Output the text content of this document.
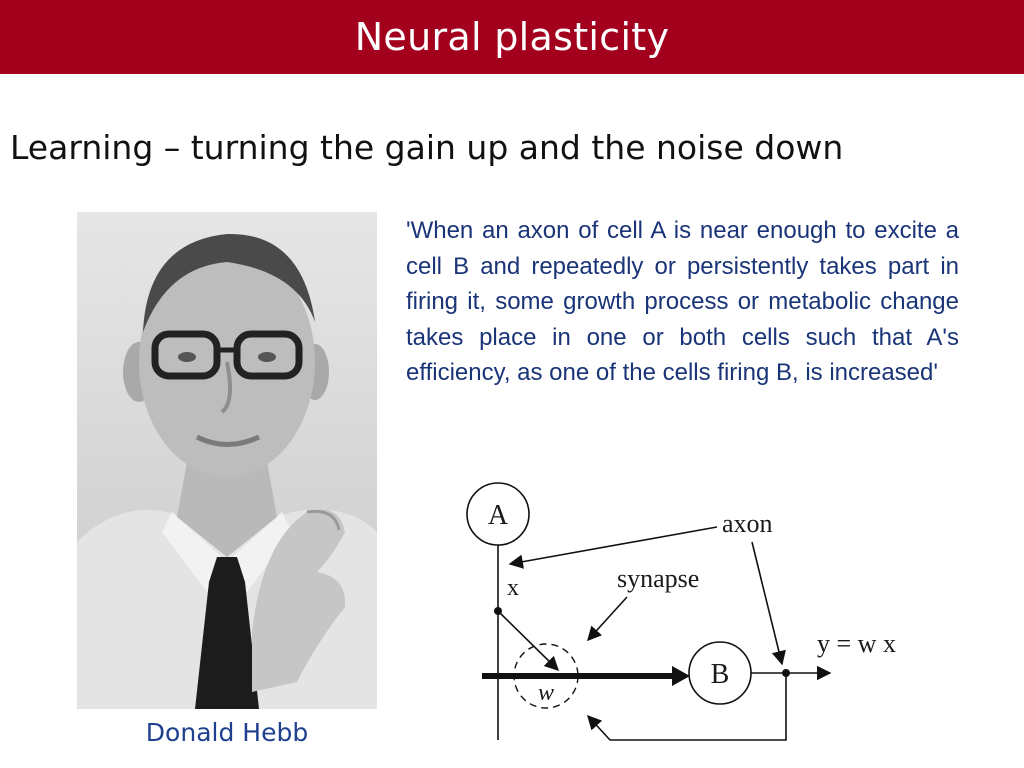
Neural plasticity
Learning – turning the gain up and the noise down
Donald Hebb

'When an axon of cell A is near enough to excite a cell B and repeatedly or persistently takes part in firing it, some growth process or metabolic change takes place in one or both cells such that A's efficiency, as one of the cells firing B, is increased'

A
x
w
B
y = w x
axon
synapse
